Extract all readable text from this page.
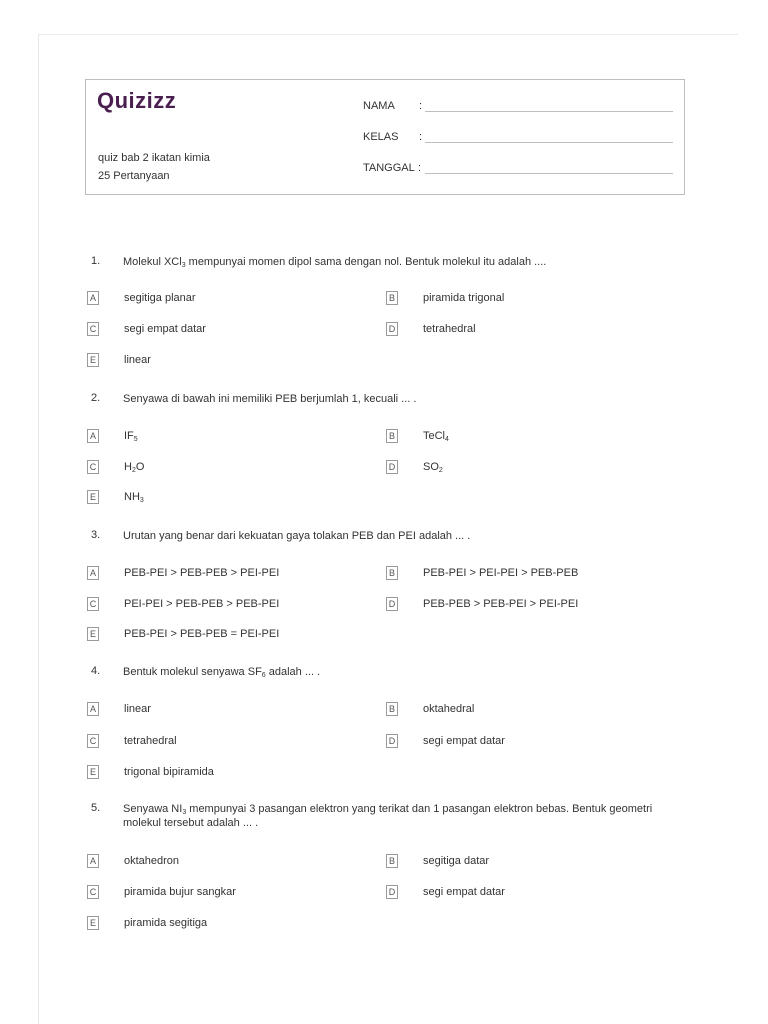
Quizizz
quiz bab 2 ikatan kimia
25 Pertanyaan
NAMA :
KELAS :
TANGGAL :
1. Molekul XCl$_3$ mempunyai momen dipol sama dengan nol. Bentuk molekul itu adalah ....
A	segitiga planar	B	piramida trigonal
C	segi empat datar	D	tetrahedral
E	linear
2. Senyawa di bawah ini memiliki PEB berjumlah 1, kecuali ... .
A	$IF_5$	B	TeCl$_4$
C	$H_2O$	D	$SO_2$
E	$NH_3$
3. Urutan yang benar dari kekuatan gaya tolakan PEB dan PEI adalah ... .
A	PEB-PEI > PEB-PEB > PEI-PEI	B	PEB-PEI > PEI-PEI > PEB-PEB
C	PEI-PEI > PEB-PEB > PEB-PEI	D	PEB-PEB > PEB-PEI > PEI-PEI
E	PEB-PEI > PEB-PEB = PEI-PEI
4. Bentuk molekul senyawa $SF_6$ adalah ... .
A	linear	B	oktahedral
C	tetrahedral	D	segi empat datar
E	trigonal bipiramida
5. Senyawa $NI_3$ mempunyai 3 pasangan elektron yang terikat dan 1 pasangan elektron bebas. Bentuk geometri molekul tersebut adalah ... .
A	oktahedron	B	segitiga datar
C	piramida bujur sangkar	D	segi empat datar
E	piramida segitiga
